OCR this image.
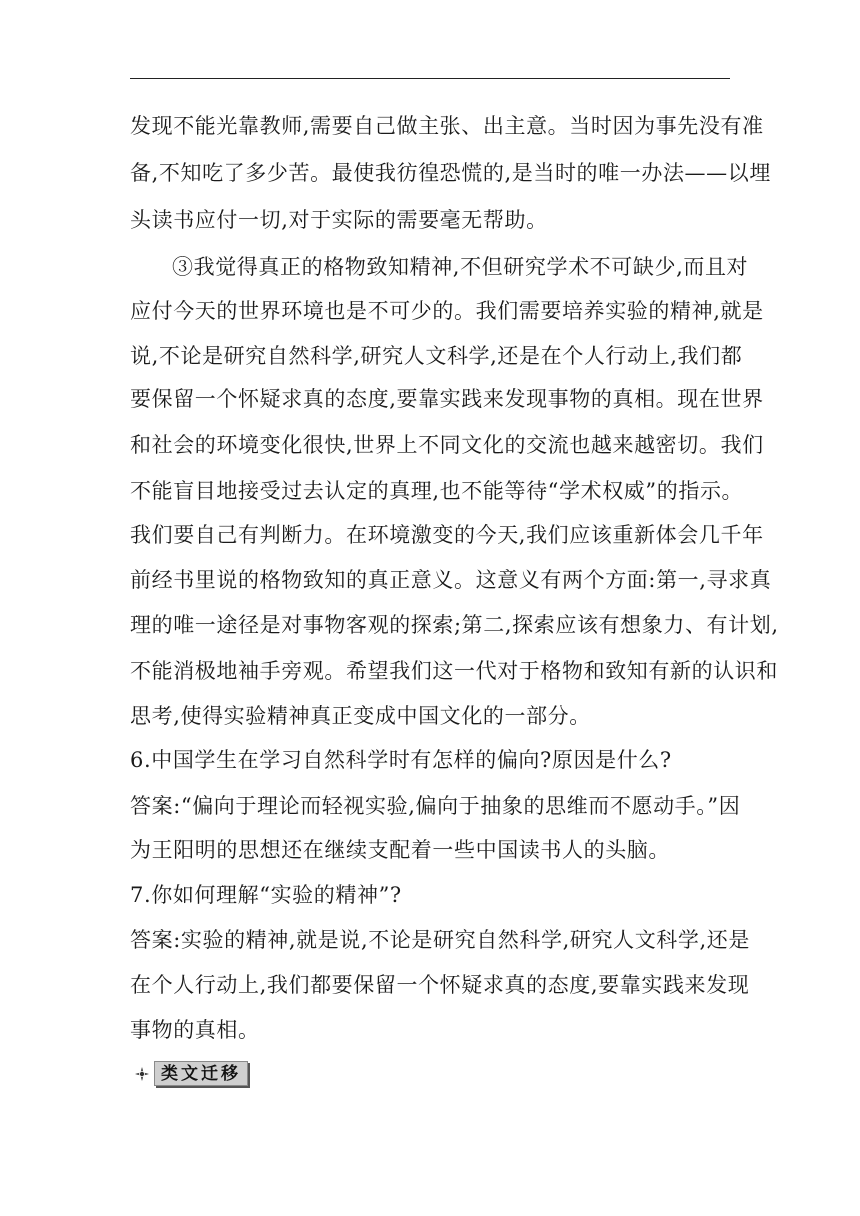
发现不能光靠教师,需要自己做主张、出主意。当时因为事先没有准
备,不知吃了多少苦。最使我彷徨恐慌的,是当时的唯一办法——以埋
头读书应付一切,对于实际的需要毫无帮助。
③我觉得真正的格物致知精神,不但研究学术不可缺少,而且对
应付今天的世界环境也是不可少的。我们需要培养实验的精神,就是
说,不论是研究自然科学,研究人文科学,还是在个人行动上,我们都
要保留一个怀疑求真的态度,要靠实践来发现事物的真相。现在世界
和社会的环境变化很快,世界上不同文化的交流也越来越密切。我们
不能盲目地接受过去认定的真理,也不能等待“学术权威”的指示。
我们要自己有判断力。在环境激变的今天,我们应该重新体会几千年
前经书里说的格物致知的真正意义。这意义有两个方面:第一,寻求真
理的唯一途径是对事物客观的探索;第二,探索应该有想象力、有计划,
不能消极地袖手旁观。希望我们这一代对于格物和致知有新的认识和
思考,使得实验精神真正变成中国文化的一部分。
6.中国学生在学习自然科学时有怎样的偏向?原因是什么?
答案:“偏向于理论而轻视实验,偏向于抽象的思维而不愿动手。”因
为王阳明的思想还在继续支配着一些中国读书人的头脑。
7.你如何理解“实验的精神”?
答案:实验的精神,就是说,不论是研究自然科学,研究人文科学,还是
在个人行动上,我们都要保留一个怀疑求真的态度,要靠实践来发现
事物的真相。
类文迁移
